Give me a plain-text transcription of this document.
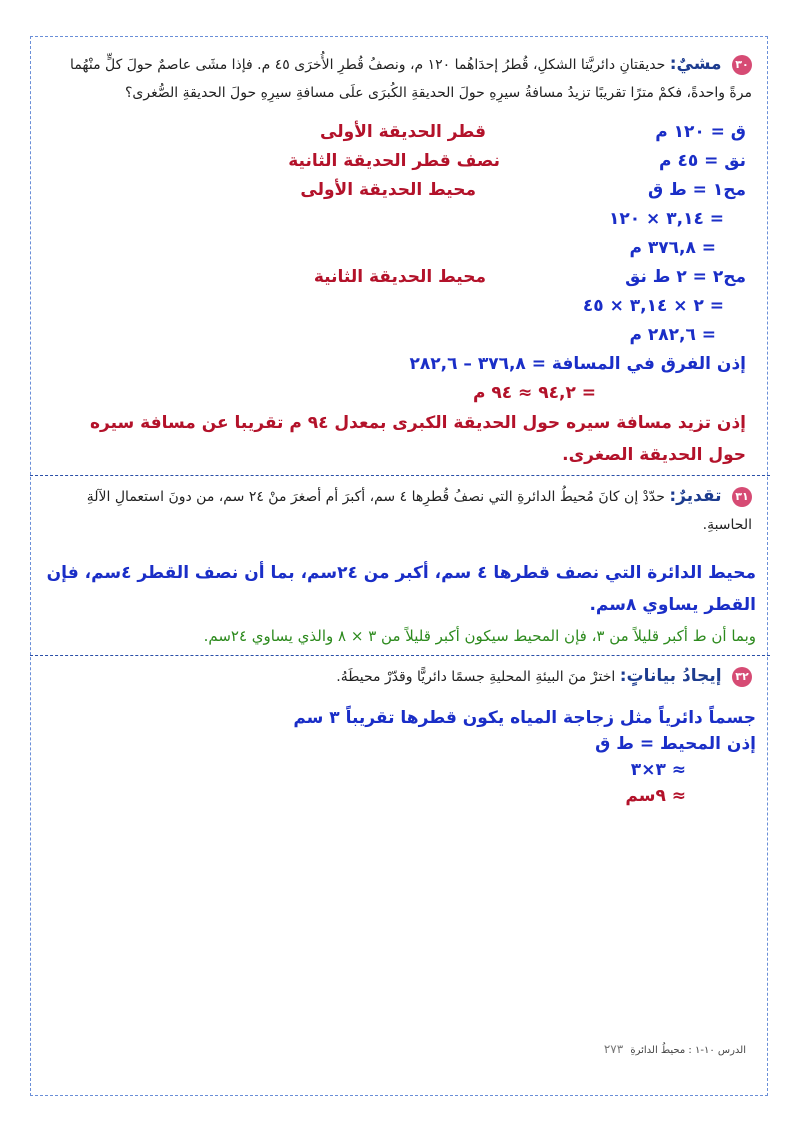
٣٠ مشيٌ: حديقتانِ دائريَّتا الشكلِ، قُطرُ إحدَاهُما ١٢٠ م، ونصفُ قُطرِ الأُخرَى ٤٥ م. فإذا مشَى عاصمٌ حولَ كلٍّ منْهُما مرةً واحدةً، فكمْ مترًا تقريبًا تزيدُ مسافةُ سيرِهِ حولَ الحديقةِ الكُبرَى علَى مسافةِ سيرِهِ حولَ الحديقةِ الصُّغرى؟
ق = ١٢٠ م
قطر الحديقة الأولى
نق = ٤٥ م
نصف قطر الحديقة الثانية
مح١ = ط ق
محيط الحديقة الأولى
= ٣,١٤ × ١٢٠
= ٣٧٦,٨ م
مح٢ = ٢ ط نق
محيط الحديقة الثانية
= ٢ × ٣,١٤ × ٤٥
= ٢٨٢,٦ م
إذن الفرق في المسافة = ٣٧٦,٨ – ٢٨٢,٦
= ٩٤,٢ ≈ ٩٤ م
إذن تزيد مسافة سيره حول الحديقة الكبرى بمعدل ٩٤ م تقريبا عن مسافة سيره حول الحديقة الصغرى.
٣١ تقديرٌ: حدّدْ إن كانَ مُحيطُ الدائرةِ التي نصفُ قُطرِها ٤ سم، أكبرَ أم أصغرَ منْ ٢٤ سم، من دونَ استعمالِ الآلةِ الحاسبةِ.
محيط الدائرة التي نصف قطرها ٤ سم، أكبر من ٢٤سم، بما أن نصف القطر ٤سم، فإن القطر يساوي ٨سم.
وبما أن ط أكبر قليلاً من ٣، فإن المحيط سيكون أكبر قليلاً من ٣ × ٨ والذي يساوي ٢٤سم.
٣٢ إيجادُ بياناتٍ: اخترْ منَ البيئةِ المحليةِ جسمًا دائريًّا وقدّرْ محيطَهُ.
جسماً دائرياً مثل زجاجة المياه يكون قطرها تقريباً ٣ سم
إذن المحيط = ط ق
≈ ٣×٣
≈ ٩سم
الدرس ١٠-١ : محيطُ الدائرةِ ٢٧٣
